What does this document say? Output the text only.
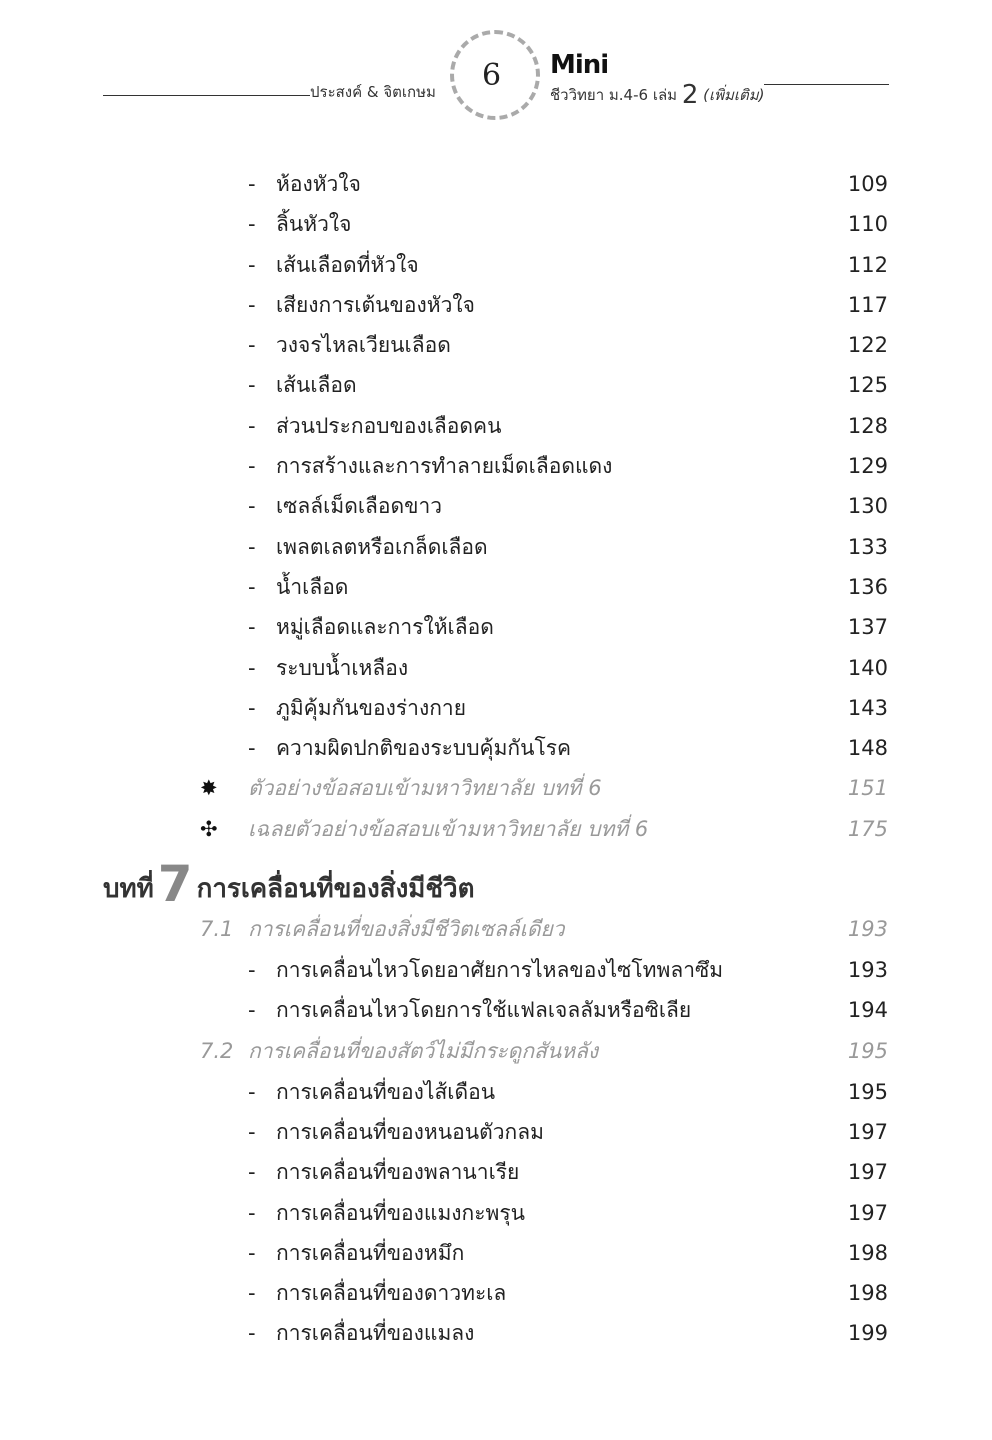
ประสงค์ & จิตเกษม 6 Mini
ชีววิทยา ม.4-6 เล่ม 2 (เพิ่มเติม)
- ห้องหัวใจ	109
- ลิ้นหัวใจ	110
- เส้นเลือดที่หัวใจ	112
- เสียงการเต้นของหัวใจ	117
- วงจรไหลเวียนเลือด	122
- เส้นเลือด	125
- ส่วนประกอบของเลือดคน	128
- การสร้างและการทำลายเม็ดเลือดแดง	129
- เซลล์เม็ดเลือดขาว	130
- เพลตเลตหรือเกล็ดเลือด	133
- น้ำเลือด	136
- หมู่เลือดและการให้เลือด	137
- ระบบน้ำเหลือง	140
- ภูมิคุ้มกันของร่างกาย	143
- ความผิดปกติของระบบคุ้มกันโรค	148
✸ ตัวอย่างข้อสอบเข้ามหาวิทยาลัย บทที่ 6	151
✣ เฉลยตัวอย่างข้อสอบเข้ามหาวิทยาลัย บทที่ 6	175
บทที่7 การเคลื่อนที่ของสิ่งมีชีวิต
7.1 การเคลื่อนที่ของสิ่งมีชีวิตเซลล์เดียว	193
- การเคลื่อนไหวโดยอาศัยการไหลของไซโทพลาซึม	193
- การเคลื่อนไหวโดยการใช้แฟลเจลลัมหรือซิเลีย	194
7.2 การเคลื่อนที่ของสัตว์ไม่มีกระดูกสันหลัง	195
- การเคลื่อนที่ของไส้เดือน	195
- การเคลื่อนที่ของหนอนตัวกลม	197
- การเคลื่อนที่ของพลานาเรีย	197
- การเคลื่อนที่ของแมงกะพรุน	197
- การเคลื่อนที่ของหมึก	198
- การเคลื่อนที่ของดาวทะเล	198
- การเคลื่อนที่ของแมลง	199
